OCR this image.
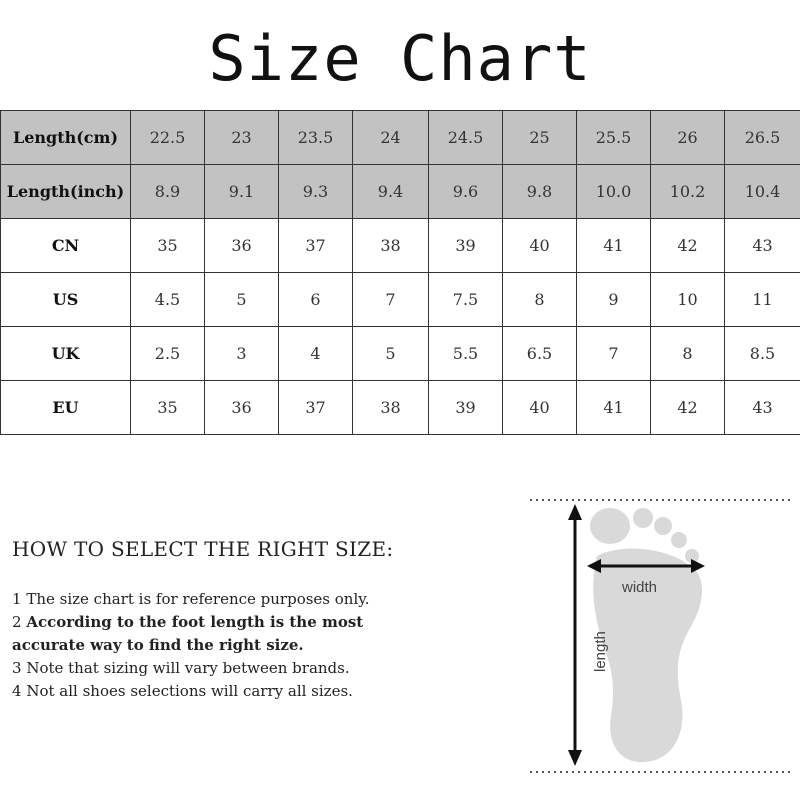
Size Chart
Length(cm)	22.5	23	23.5	24	24.5	25	25.5	26	26.5
Length(inch)	8.9	9.1	9.3	9.4	9.6	9.8	10.0	10.2	10.4
CN	35	36	37	38	39	40	41	42	43
US	4.5	5	6	7	7.5	8	9	10	11
UK	2.5	3	4	5	5.5	6.5	7	8	8.5
EU	35	36	37	38	39	40	41	42	43
HOW TO SELECT THE RIGHT SIZE:

1 The size chart is for reference purposes only.

2 According to the foot length is the most accurate way to find the right size.

3 Note that sizing will vary between brands.

4 Not all shoes selections will carry all sizes.

length
width
